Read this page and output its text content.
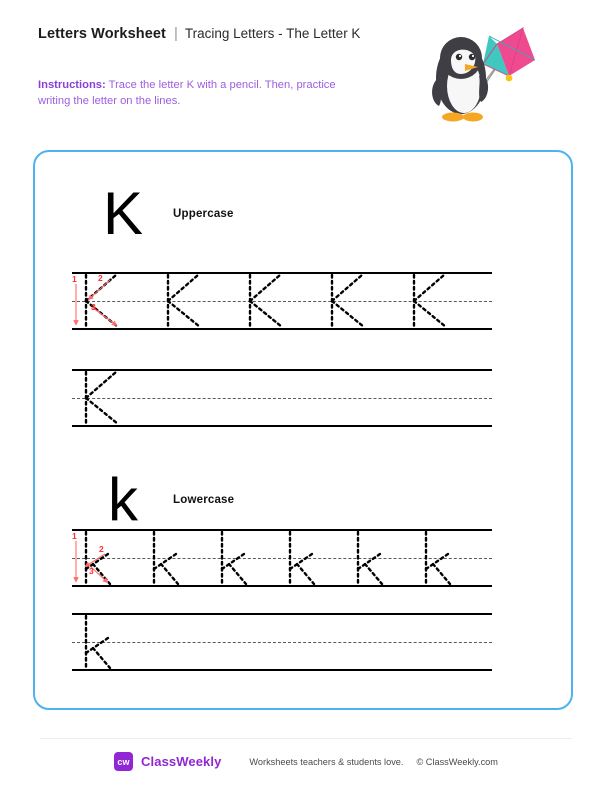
Letters Worksheet | Tracing Letters - The Letter K
Instructions: Trace the letter K with a pencil. Then, practice writing the letter on the lines.
K	Uppercase
1	2
3
k	Lowercase
1
2
3
cw ClassWeekly	Worksheets teachers & students love. © ClassWeekly.com
